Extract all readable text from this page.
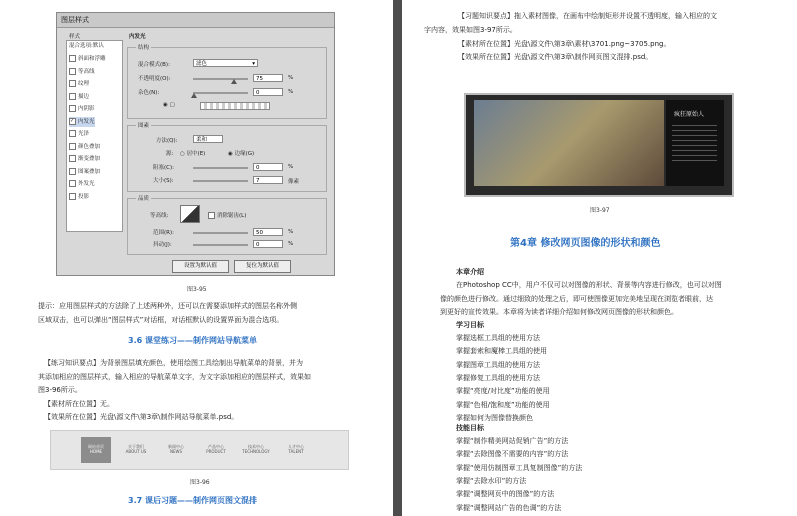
图层样式
样式
混合选项:默认
斜面和浮雕
等高线
纹理
描边
内阴影
✓ 内发光
光泽
颜色叠加
渐变叠加
图案叠加
外发光
投影
内发光
结构
混合模式(B):	滤色	▾
不透明度(O):	75	%
杂色(N):	0	%
◉ ▢
图素
方法(Q):	柔和
源: ○ 居中(E)	◉ 边缘(G)
阻塞(C):	0	%
大小(S):	7	像素
品质
等高线:	消除锯齿(L)
范围(R):	50	%
抖动(J):	0	%
设置为默认值	复位为默认值
图3-95
提示：应用图层样式的方法除了上述两种外，还可以在需要添加样式的图层名称外侧
区域双击，也可以弹出“图层样式”对话框，对话框默认的设置界面为混合选项。
3.6 课堂练习——制作网站导航菜单
【练习知识要点】为背景图层填充颜色，使用绘图工具绘制出导航菜单的背景，并为
其添加相应的图层样式，输入相应的导航菜单文字，为文字添加相应的图层样式，效果如
图3-96所示。
【素材所在位置】无。
【效果所在位置】光盘\源文件\第3章\制作网站导航菜单.psd。
网站首页
HOME
关于我们
ABOUT US
新闻中心
NEWS
产品中心
PRODUCT
技术中心
TECHNOLOGY
人才中心
TALENT
图3-96
3.7 课后习题——制作网页图文混排
【习题知识要点】拖入素材图像，在画布中绘制矩形并设置不透明度，输入相应的文
字内容，效果如图3-97所示。
【素材所在位置】光盘\源文件\第3章\素材\3701.png~3705.png。
【效果所在位置】光盘\源文件\第3章\制作网页图文混排.psd。
疯狂原始人
图3-97
第4章 修改网页图像的形状和颜色
本章介绍
在Photoshop CC中，用户不仅可以对图像的形状、背景等内容进行修改，也可以对图
像的颜色进行修改。通过细致的处理之后，即可使图像更加完美地呈现在浏览者眼前，达
到更好的宣传效果。本章将为读者详细介绍如何修改网页图像的形状和颜色。
学习目标
掌握选框工具组的使用方法
掌握套索和魔棒工具组的使用
掌握图章工具组的使用方法
掌握修复工具组的使用方法
掌握“亮度/对比度”功能的使用
掌握“色相/饱和度”功能的使用
掌握如何为图像替换颜色
技能目标
掌握“制作精美网站促销广告”的方法
掌握“去除图像不需要的内容”的方法
掌握“使用仿制图章工具复制图像”的方法
掌握“去除水印”的方法
掌握“调整网页中的图像”的方法
掌握“调整网站广告的色调”的方法
